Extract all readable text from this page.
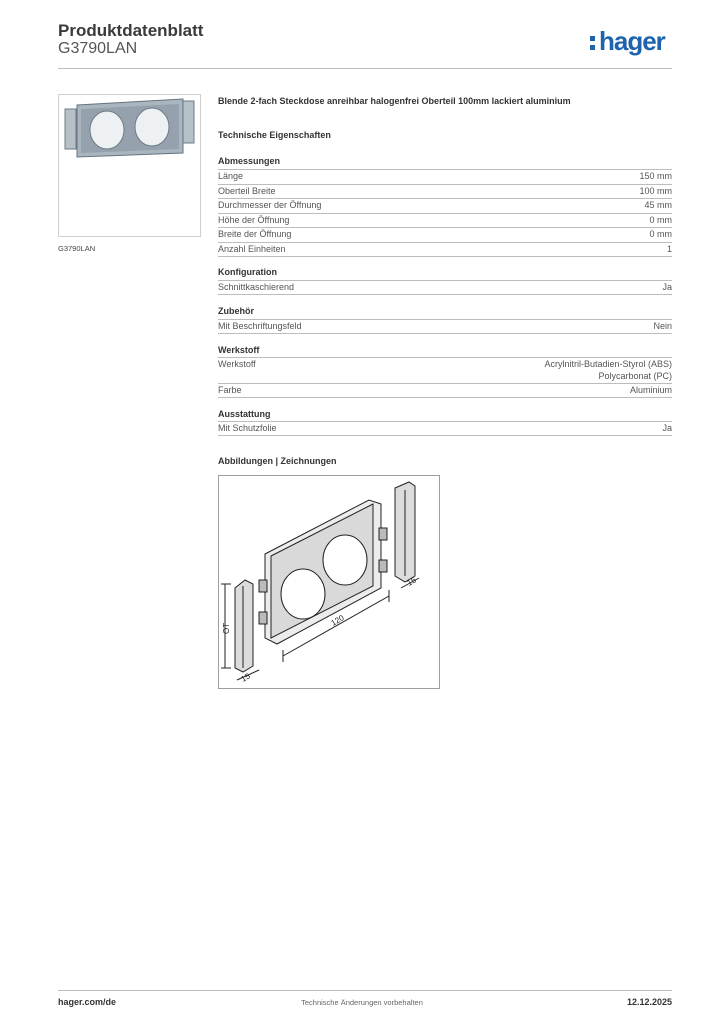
Produktdatenblatt
G3790LAN	hager
G3790LAN
Blende 2-fach Steckdose anreihbar halogenfrei Oberteil 100mm lackiert aluminium
Technische Eigenschaften
Abmessungen
Länge	150 mm
Oberteil Breite	100 mm
Durchmesser der Öffnung	45 mm
Höhe der Öffnung	0 mm
Breite der Öffnung	0 mm
Anzahl Einheiten	1
Konfiguration
Schnittkaschierend	Ja
Zubehör
Mit Beschriftungsfeld	Nein
Werkstoff
Werkstoff	Acrylnitril-Butadien-Styrol (ABS)
Polycarbonat (PC)
Farbe	Aluminium
Ausstattung
Mit Schutzfolie	Ja
Abbildungen | Zeichnungen
OT
120
15
15
hager.com/de	Technische Änderungen vorbehalten	12.12.2025
